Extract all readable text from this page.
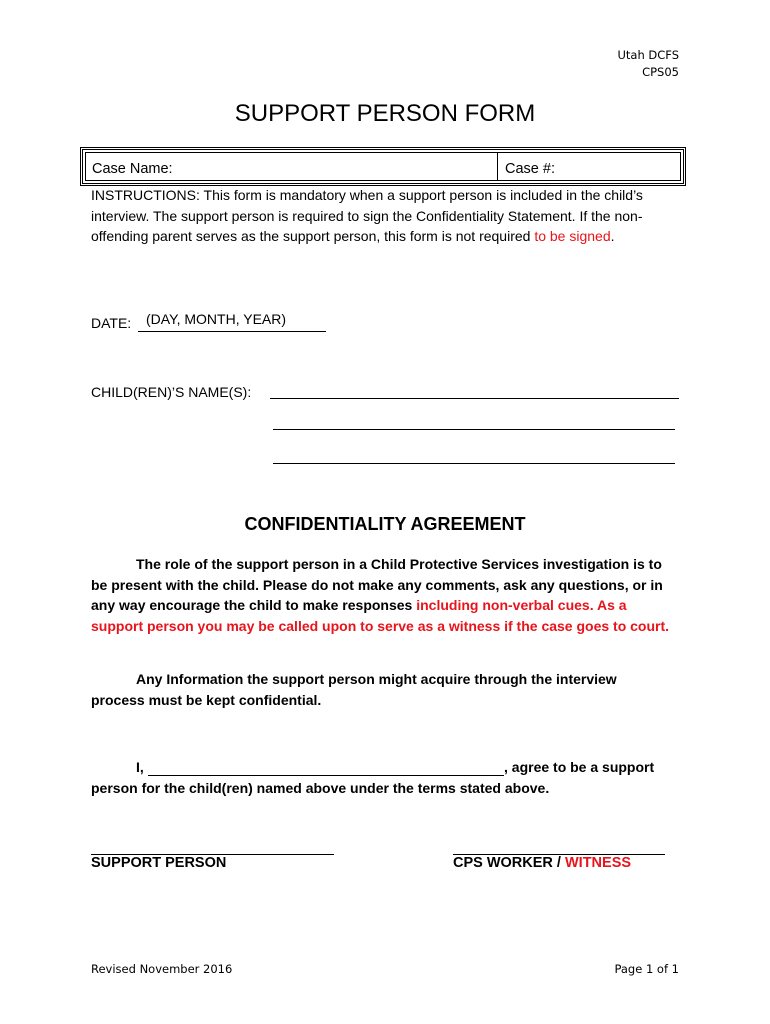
Utah DCFS
CPS05
SUPPORT PERSON FORM
Case Name:	Case #:
INSTRUCTIONS: This form is mandatory when a support person is included in the child’s interview. The support person is required to sign the Confidentiality Statement. If the non-offending parent serves as the support person, this form is not required to be signed.
DATE: (DAY, MONTH, YEAR)
CHILD(REN)’S NAME(S):
CONFIDENTIALITY AGREEMENT
The role of the support person in a Child Protective Services investigation is to be present with the child. Please do not make any comments, ask any questions, or in any way encourage the child to make responses including non-verbal cues. As a support person you may be called upon to serve as a witness if the case goes to court.
Any Information the support person might acquire through the interview process must be kept confidential.
I,	, agree to be a support
person for the child(ren) named above under the terms stated above.
SUPPORT PERSON	CPS WORKER / WITNESS
Revised November 2016	Page 1 of 1
